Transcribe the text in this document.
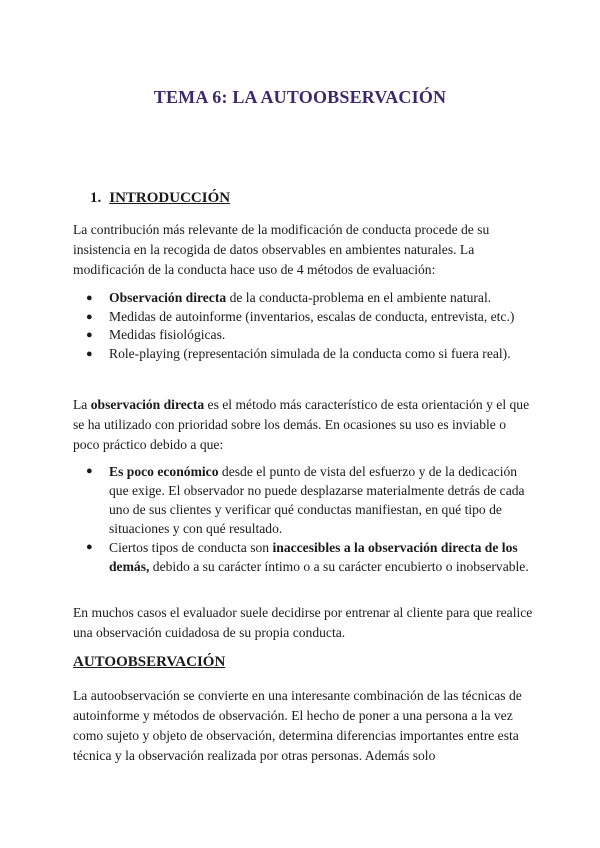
TEMA 6: LA AUTOOBSERVACIÓN
1. INTRODUCCIÓN

La contribución más relevante de la modificación de conducta procede de su insistencia en la recogida de datos observables en ambientes naturales. La modificación de la conducta hace uso de 4 métodos de evaluación:

● Observación directa de la conducta-problema en el ambiente natural.
● Medidas de autoinforme (inventarios, escalas de conducta, entrevista, etc.)
● Medidas fisiológicas.
● Role-playing (representación simulada de la conducta como si fuera real).

La observación directa es el método más característico de esta orientación y el que se ha utilizado con prioridad sobre los demás. En ocasiones su uso es inviable o poco práctico debido a que:

● Es poco económico desde el punto de vista del esfuerzo y de la dedicación que exige. El observador no puede desplazarse materialmente detrás de cada uno de sus clientes y verificar qué conductas manifiestan, en qué tipo de situaciones y con qué resultado.
● Ciertos tipos de conducta son inaccesibles a la observación directa de los demás, debido a su carácter íntimo o a su carácter encubierto o inobservable.

En muchos casos el evaluador suele decidirse por entrenar al cliente para que realice una observación cuidadosa de su propia conducta.

AUTOOBSERVACIÓN

La autoobservación se convierte en una interesante combinación de las técnicas de autoinforme y métodos de observación. El hecho de poner a una persona a la vez como sujeto y objeto de observación, determina diferencias importantes entre esta técnica y la observación realizada por otras personas. Además solo
